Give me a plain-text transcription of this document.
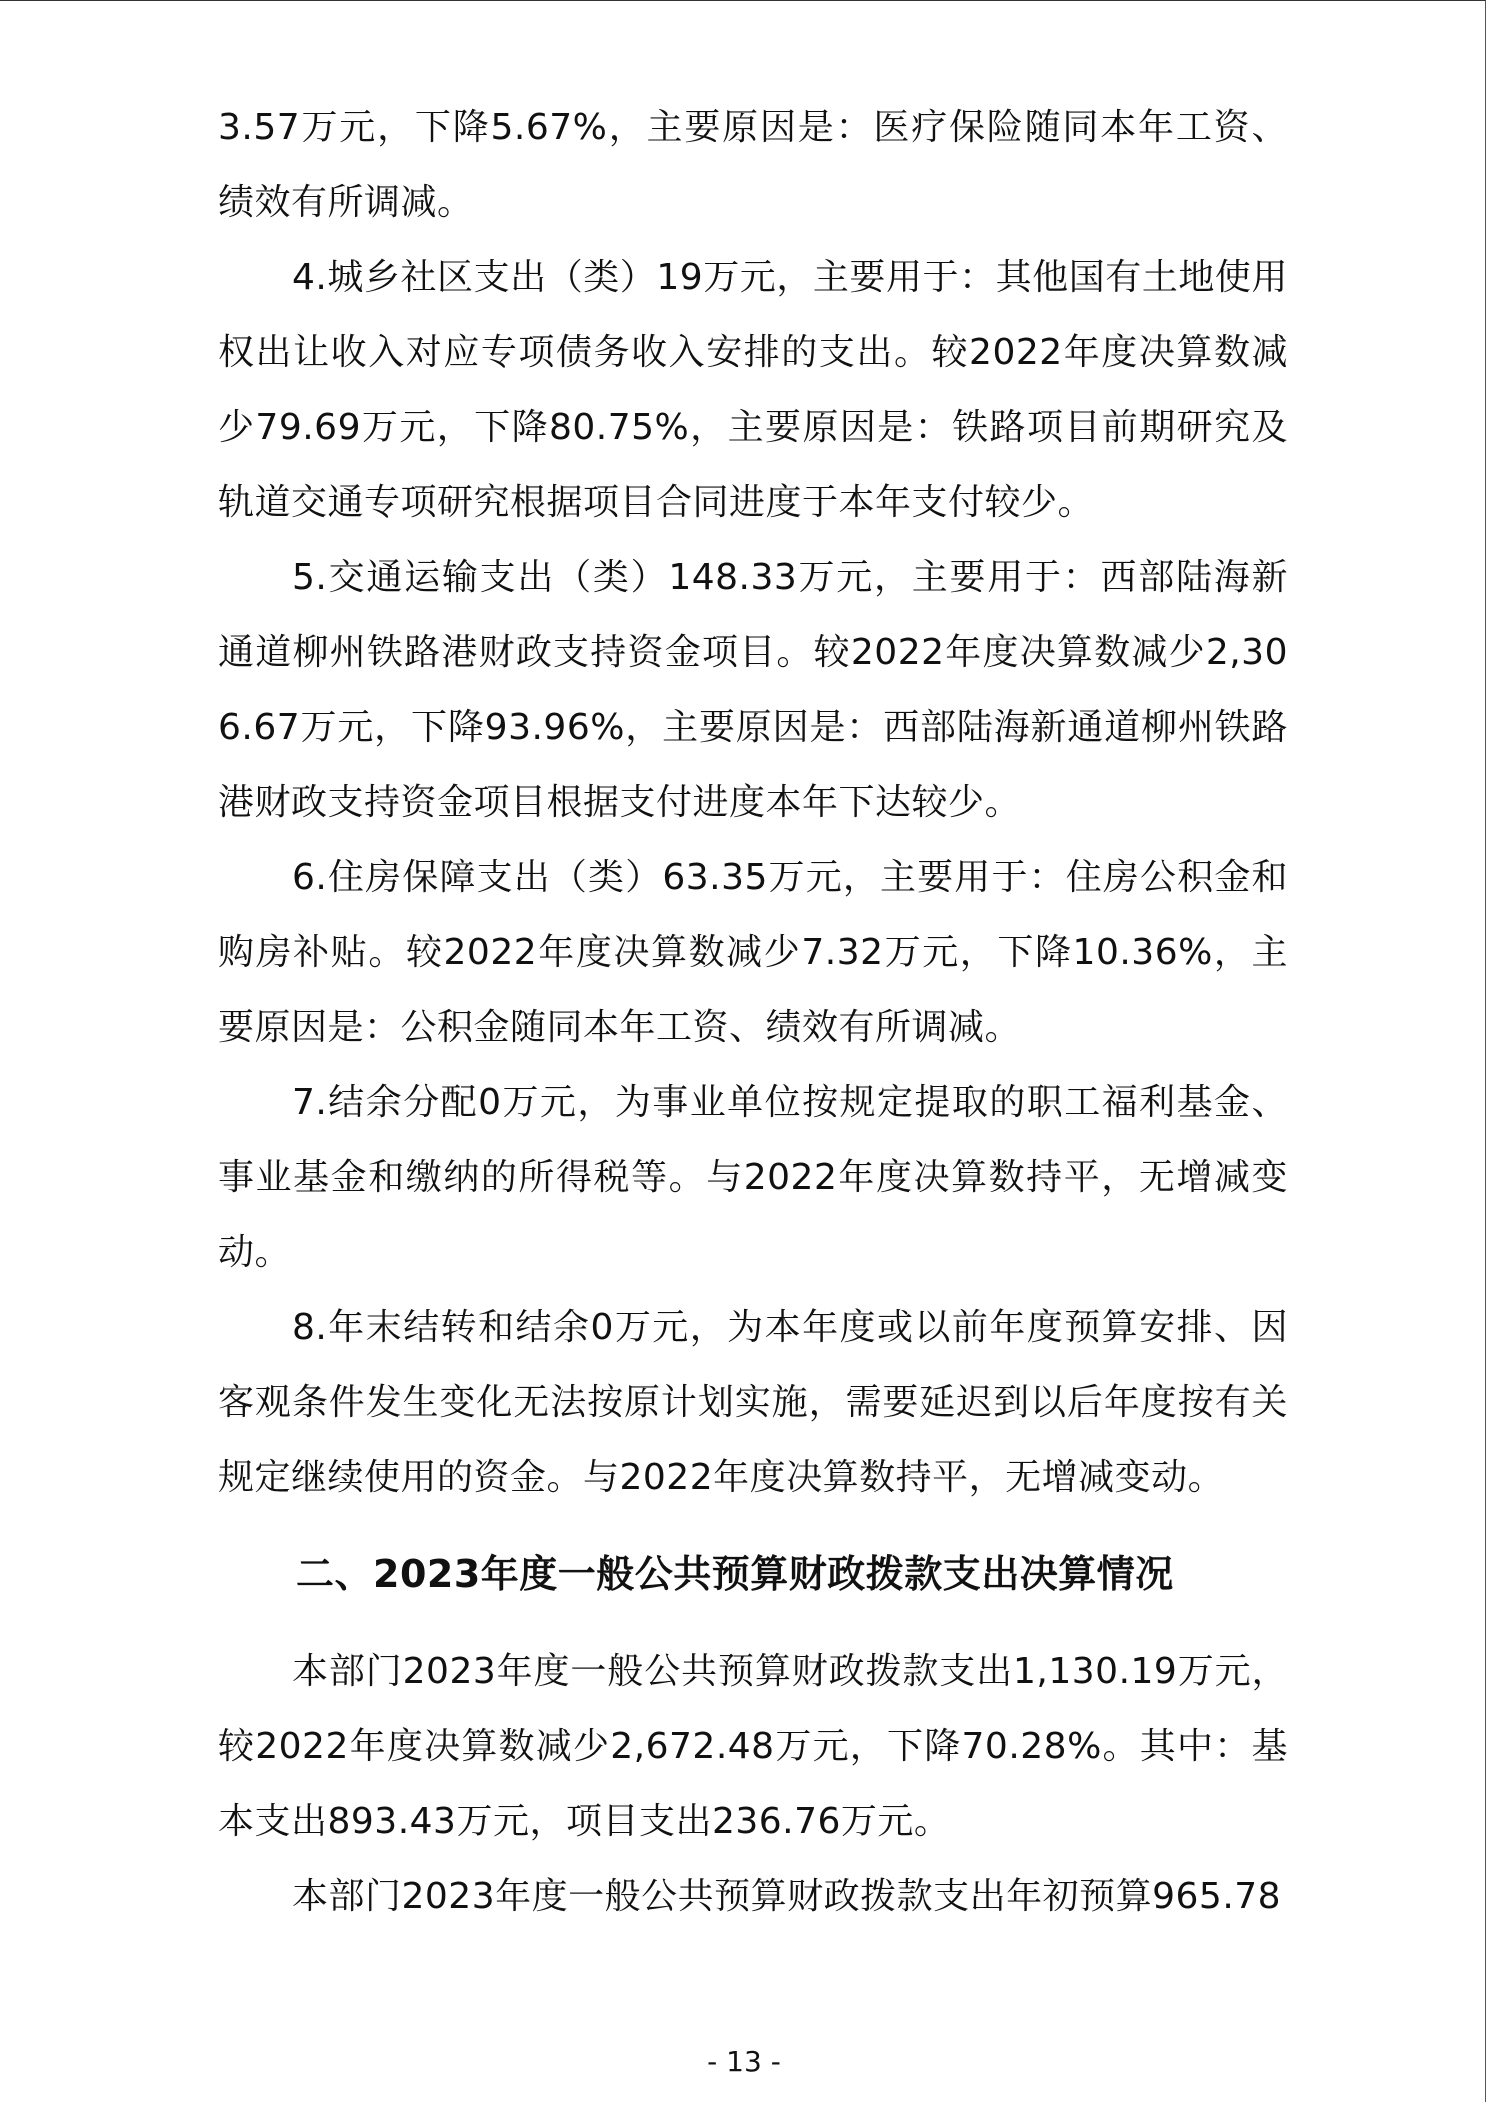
3.57万元，下降5.67%，主要原因是：医疗保险随同本年工资、绩效有所调减。

4.城乡社区支出（类）19万元，主要用于：其他国有土地使用权出让收入对应专项债务收入安排的支出。较2022年度决算数减少79.69万元，下降80.75%，主要原因是：铁路项目前期研究及轨道交通专项研究根据项目合同进度于本年支付较少。

5.交通运输支出（类）148.33万元，主要用于：西部陆海新通道柳州铁路港财政支持资金项目。较2022年度决算数减少2,306.67万元，下降93.96%，主要原因是：西部陆海新通道柳州铁路港财政支持资金项目根据支付进度本年下达较少。

6.住房保障支出（类）63.35万元，主要用于：住房公积金和购房补贴。较2022年度决算数减少7.32万元，下降10.36%，主要原因是：公积金随同本年工资、绩效有所调减。

7.结余分配0万元，为事业单位按规定提取的职工福利基金、事业基金和缴纳的所得税等。与2022年度决算数持平，无增减变动。

8.年末结转和结余0万元，为本年度或以前年度预算安排、因客观条件发生变化无法按原计划实施，需要延迟到以后年度按有关规定继续使用的资金。与2022年度决算数持平，无增减变动。

二、2023年度一般公共预算财政拨款支出决算情况

本部门2023年度一般公共预算财政拨款支出1,130.19万元，较2022年度决算数减少2,672.48万元，下降70.28%。其中：基本支出893.43万元，项目支出236.76万元。

本部门2023年度一般公共预算财政拨款支出年初预算965.78

- 13 -
